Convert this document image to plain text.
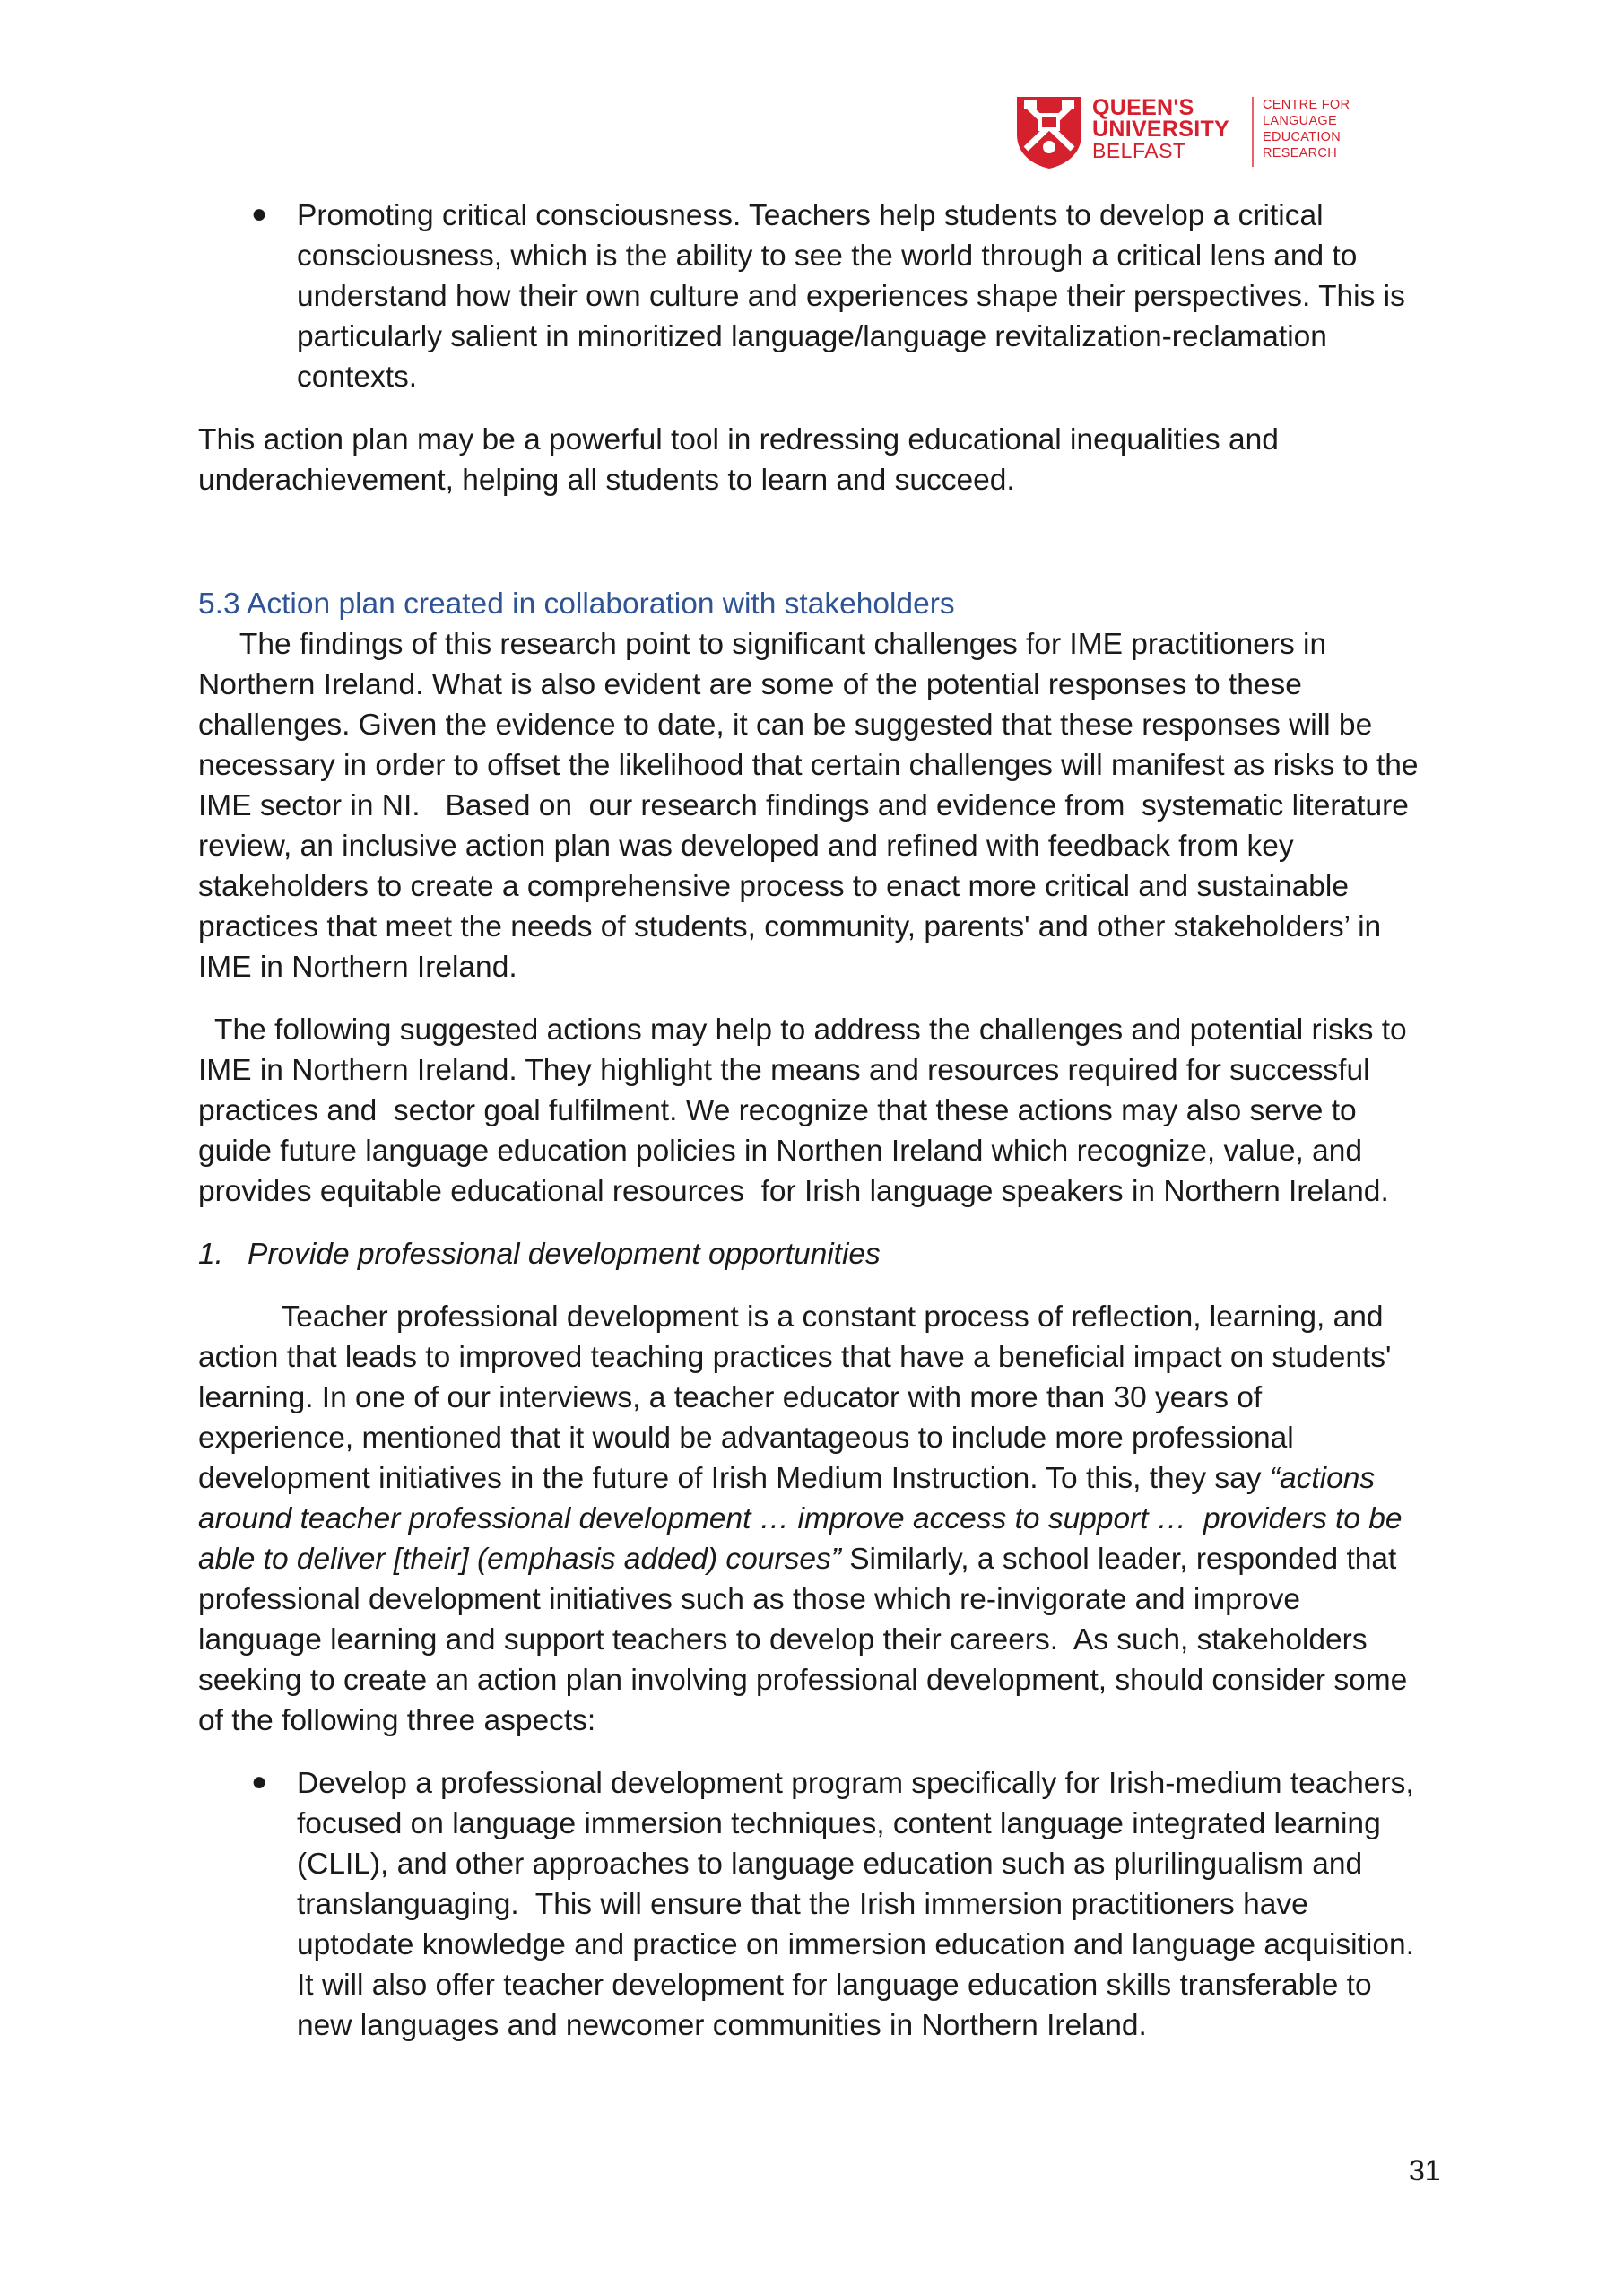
QUEEN'S
UNIVERSITY
BELFAST
CENTRE FOR
LANGUAGE
EDUCATION
RESEARCH
● Promoting critical consciousness. Teachers help students to develop a critical
consciousness, which is the ability to see the world through a critical lens and to
understand how their own culture and experiences shape their perspectives. This is
particularly salient in minoritized language/language revitalization-reclamation
contexts.
This action plan may be a powerful tool in redressing educational inequalities and
underachievement, helping all students to learn and succeed.
5.3 Action plan created in collaboration with stakeholders
The findings of this research point to significant challenges for IME practitioners in
Northern Ireland. What is also evident are some of the potential responses to these
challenges. Given the evidence to date, it can be suggested that these responses will be
necessary in order to offset the likelihood that certain challenges will manifest as risks to the
IME sector in NI.   Based on  our research findings and evidence from  systematic literature
review, an inclusive action plan was developed and refined with feedback from key
stakeholders to create a comprehensive process to enact more critical and sustainable
practices that meet the needs of students, community, parents' and other stakeholders’ in
IME in Northern Ireland.
The following suggested actions may help to address the challenges and potential risks to
IME in Northern Ireland. They highlight the means and resources required for successful
practices and  sector goal fulfilment. We recognize that these actions may also serve to
guide future language education policies in Northen Ireland which recognize, value, and
provides equitable educational resources  for Irish language speakers in Northern Ireland.
1. Provide professional development opportunities
Teacher professional development is a constant process of reflection, learning, and
action that leads to improved teaching practices that have a beneficial impact on students'
learning. In one of our interviews, a teacher educator with more than 30 years of
experience, mentioned that it would be advantageous to include more professional
development initiatives in the future of Irish Medium Instruction. To this, they say “actions
around teacher professional development … improve access to support …  providers to be
able to deliver [their] (emphasis added) courses” Similarly, a school leader, responded that
professional development initiatives such as those which re-invigorate and improve
language learning and support teachers to develop their careers.  As such, stakeholders
seeking to create an action plan involving professional development, should consider some
of the following three aspects:
● Develop a professional development program specifically for Irish-medium teachers,
focused on language immersion techniques, content language integrated learning
(CLIL), and other approaches to language education such as plurilingualism and
translanguaging.  This will ensure that the Irish immersion practitioners have
uptodate knowledge and practice on immersion education and language acquisition.
It will also offer teacher development for language education skills transferable to
new languages and newcomer communities in Northern Ireland.
31
